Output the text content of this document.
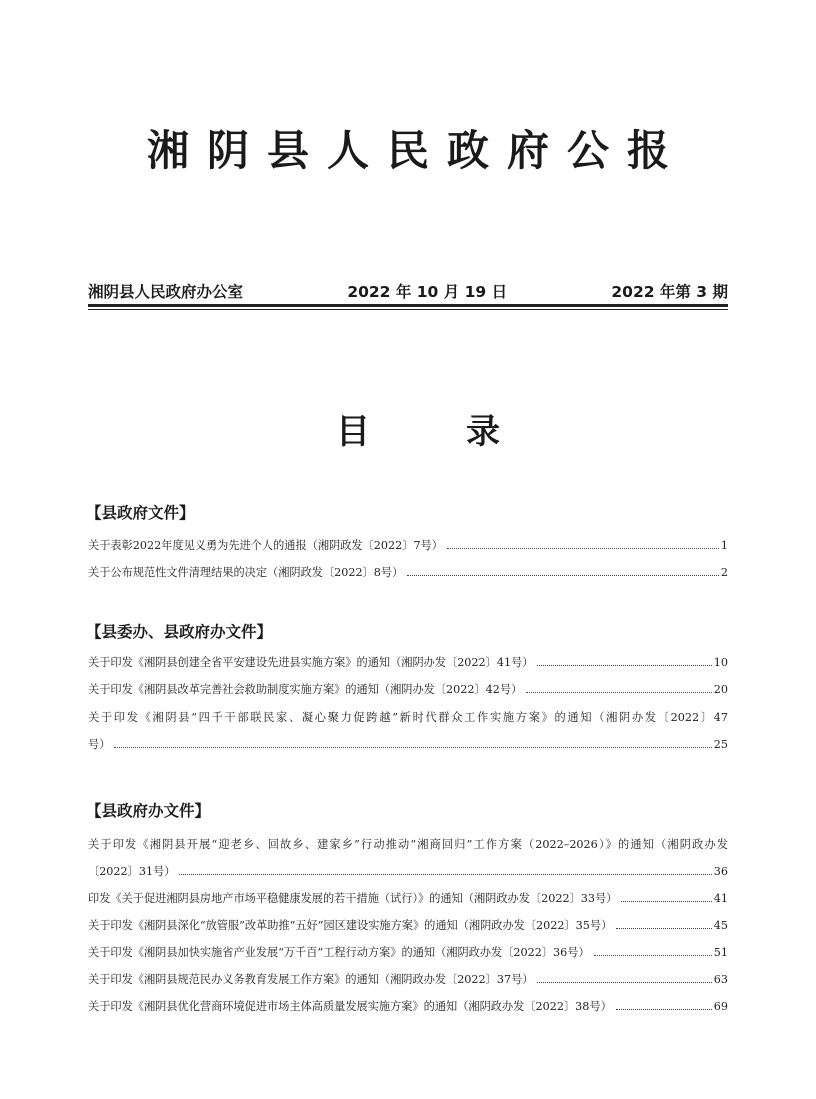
湘阴县人民政府公报
湘阴县人民政府办公室	2022 年 10 月 19 日	2022 年第 3 期
目	录
【县政府文件】
关于表彰2022年度见义勇为先进个人的通报（湘阴政发〔2022〕7号）	1
关于公布规范性文件清理结果的决定（湘阴政发〔2022〕8号）	2
【县委办、县政府办文件】
关于印发《湘阴县创建全省平安建设先进县实施方案》的通知（湘阴办发〔2022〕41号）	10
关于印发《湘阴县改革完善社会救助制度实施方案》的通知（湘阴办发〔2022〕42号）	20
关于印发《湘阴县“四千干部联民家、凝心聚力促跨越”新时代群众工作实施方案》的通知（湘阴办发〔2022〕47
号）	25
【县政府办文件】
关于印发《湘阴县开展“迎老乡、回故乡、建家乡”行动推动“湘商回归”工作方案（2022–2026）》的通知（湘阴政办发
〔2022〕31号）	36
印发《关于促进湘阴县房地产市场平稳健康发展的若干措施（试行）》的通知（湘阴政办发〔2022〕33号）	41
关于印发《湘阴县深化“放管服”改革助推“五好”园区建设实施方案》的通知（湘阴政办发〔2022〕35号）	45
关于印发《湘阴县加快实施省产业发展“万千百”工程行动方案》的通知（湘阴政办发〔2022〕36号）	51
关于印发《湘阴县规范民办义务教育发展工作方案》的通知（湘阴政办发〔2022〕37号）	63
关于印发《湘阴县优化营商环境促进市场主体高质量发展实施方案》的通知（湘阴政办发〔2022〕38号）	69
